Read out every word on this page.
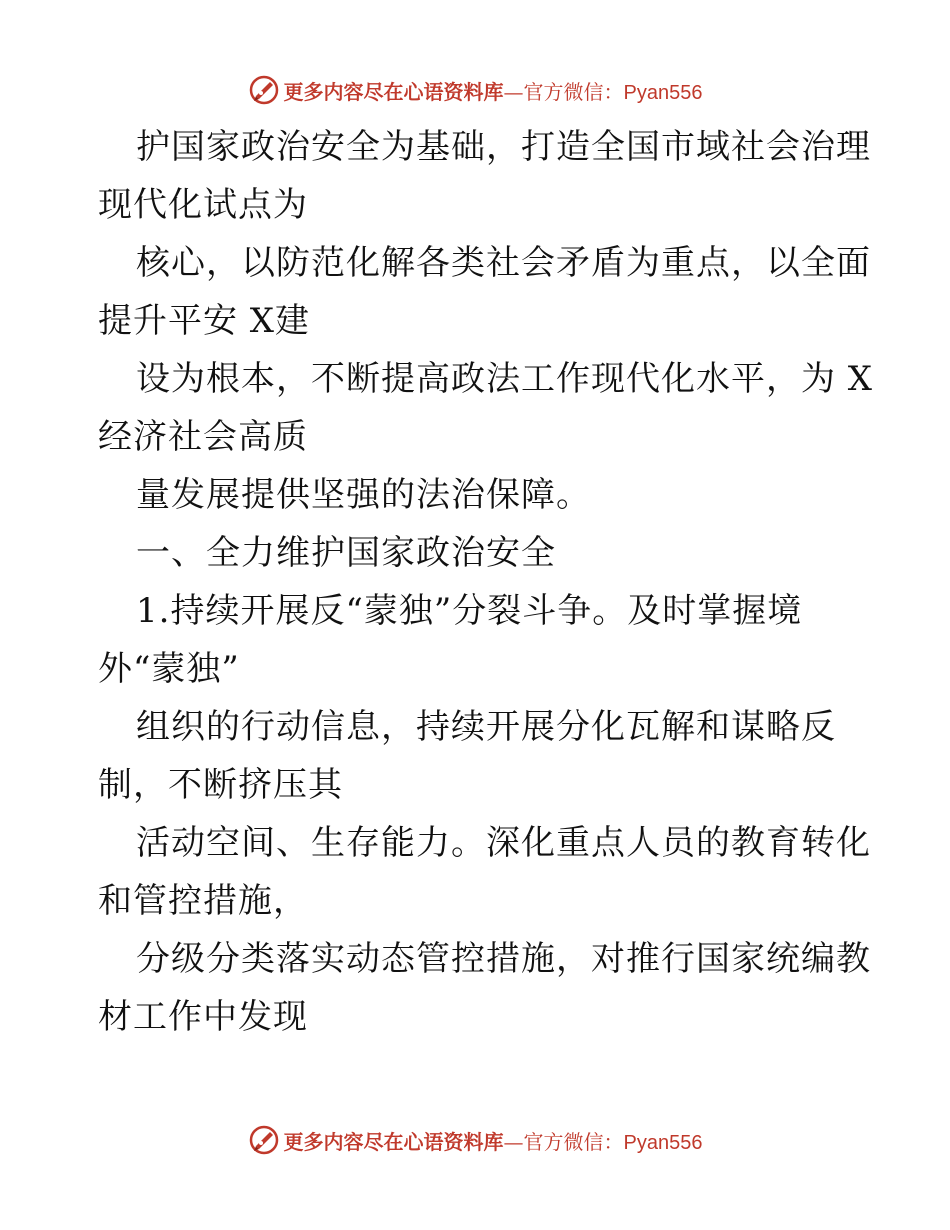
更多内容尽在心语资料库—官方微信：Pyan556
护国家政治安全为基础，打造全国市域社会治理
现代化试点为
核心，以防范化解各类社会矛盾为重点，以全面
提升平安 X建
设为根本，不断提高政法工作现代化水平，为 X
经济社会高质
量发展提供坚强的法治保障。
一、全力维护国家政治安全
1.持续开展反“蒙独”分裂斗争。及时掌握境
外“蒙独”
组织的行动信息，持续开展分化瓦解和谋略反
制，不断挤压其
活动空间、生存能力。深化重点人员的教育转化
和管控措施，
分级分类落实动态管控措施，对推行国家统编教
材工作中发现
更多内容尽在心语资料库—官方微信：Pyan556
